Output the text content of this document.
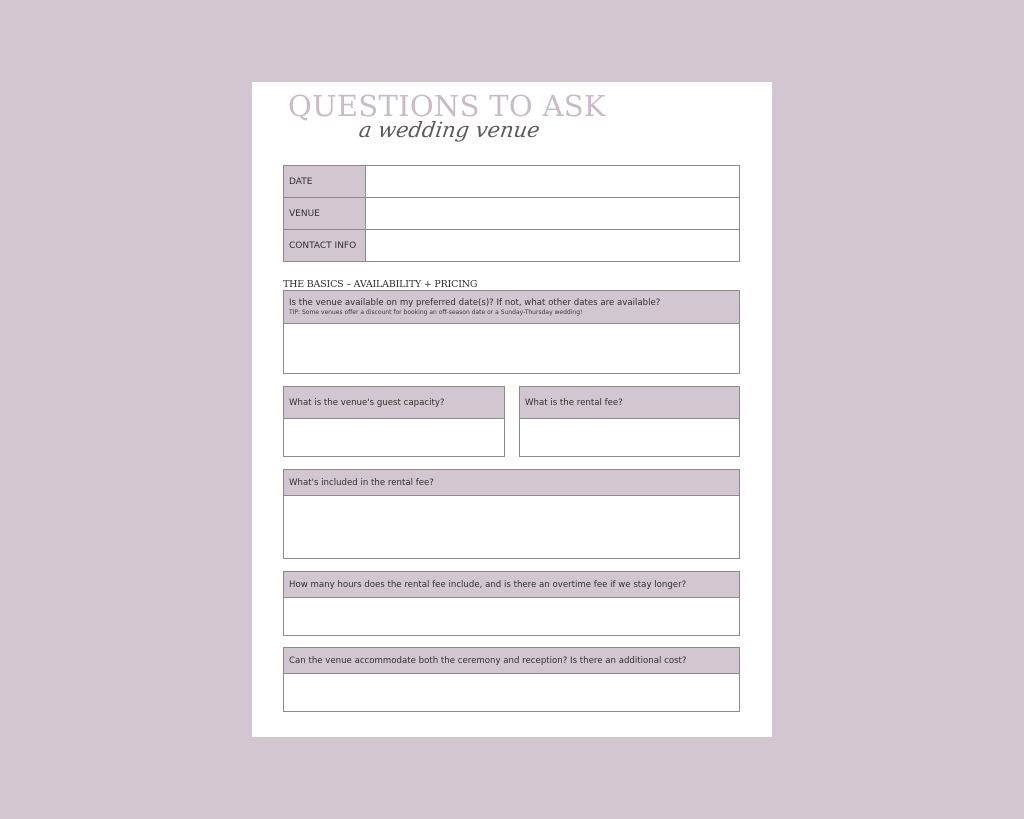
QUESTIONS TO ASK
a wedding venue
DATE
VENUE
CONTACT INFO
THE BASICS – AVAILABILITY + PRICING
Is the venue available on my preferred date(s)? If not, what other dates are available?
TIP: Some venues offer a discount for booking an off-season date or a Sunday-Thursday wedding!
What is the venue's guest capacity?	What is the rental fee?
What's included in the rental fee?
How many hours does the rental fee include, and is there an overtime fee if we stay longer?
Can the venue accommodate both the ceremony and reception? Is there an additional cost?
